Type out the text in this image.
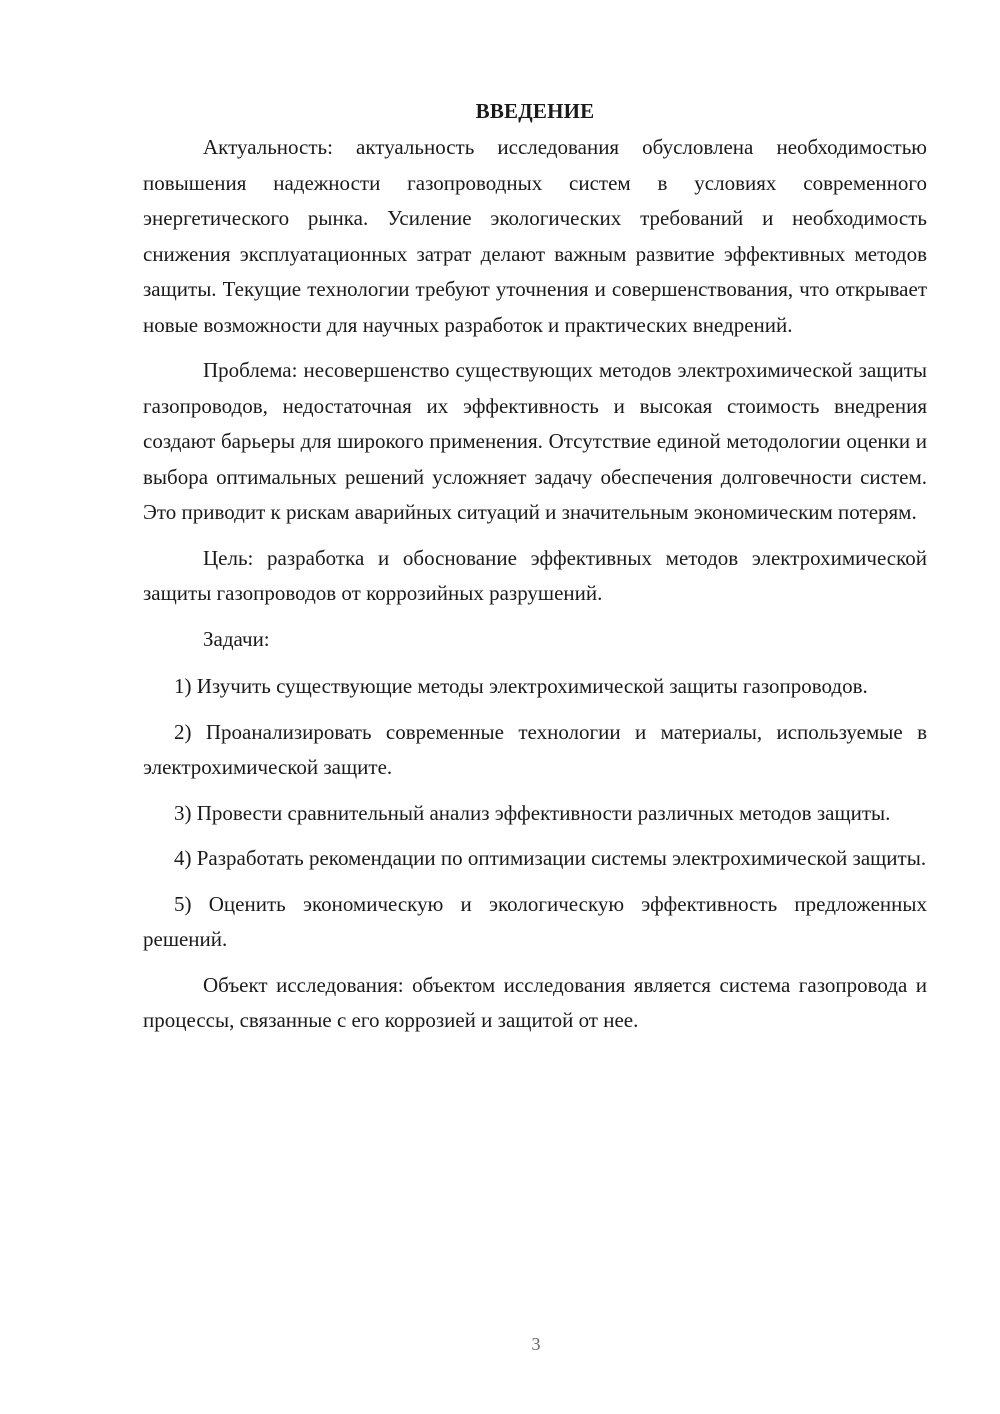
ВВЕДЕНИЕ

Актуальность: актуальность исследования обусловлена необходимостью повышения надежности газопроводных систем в условиях современного энергетического рынка. Усиление экологических требований и необходимость снижения эксплуатационных затрат делают важным развитие эффективных методов защиты. Текущие технологии требуют уточнения и совершенствования, что открывает новые возможности для научных разработок и практических внедрений.

Проблема: несовершенство существующих методов электрохимической защиты газопроводов, недостаточная их эффективность и высокая стоимость внедрения создают барьеры для широкого применения. Отсутствие единой методологии оценки и выбора оптимальных решений усложняет задачу обеспечения долговечности систем. Это приводит к рискам аварийных ситуаций и значительным экономическим потерям.

Цель: разработка и обоснование эффективных методов электрохимической защиты газопроводов от коррозийных разрушений.

Задачи:

1) Изучить существующие методы электрохимической защиты газопроводов.

2) Проанализировать современные технологии и материалы, используемые в электрохимической защите.

3) Провести сравнительный анализ эффективности различных методов защиты.

4) Разработать рекомендации по оптимизации системы электрохимической защиты.

5) Оценить экономическую и экологическую эффективность предложенных решений.

Объект исследования: объектом исследования является система газопровода и процессы, связанные с его коррозией и защитой от нее.

3
